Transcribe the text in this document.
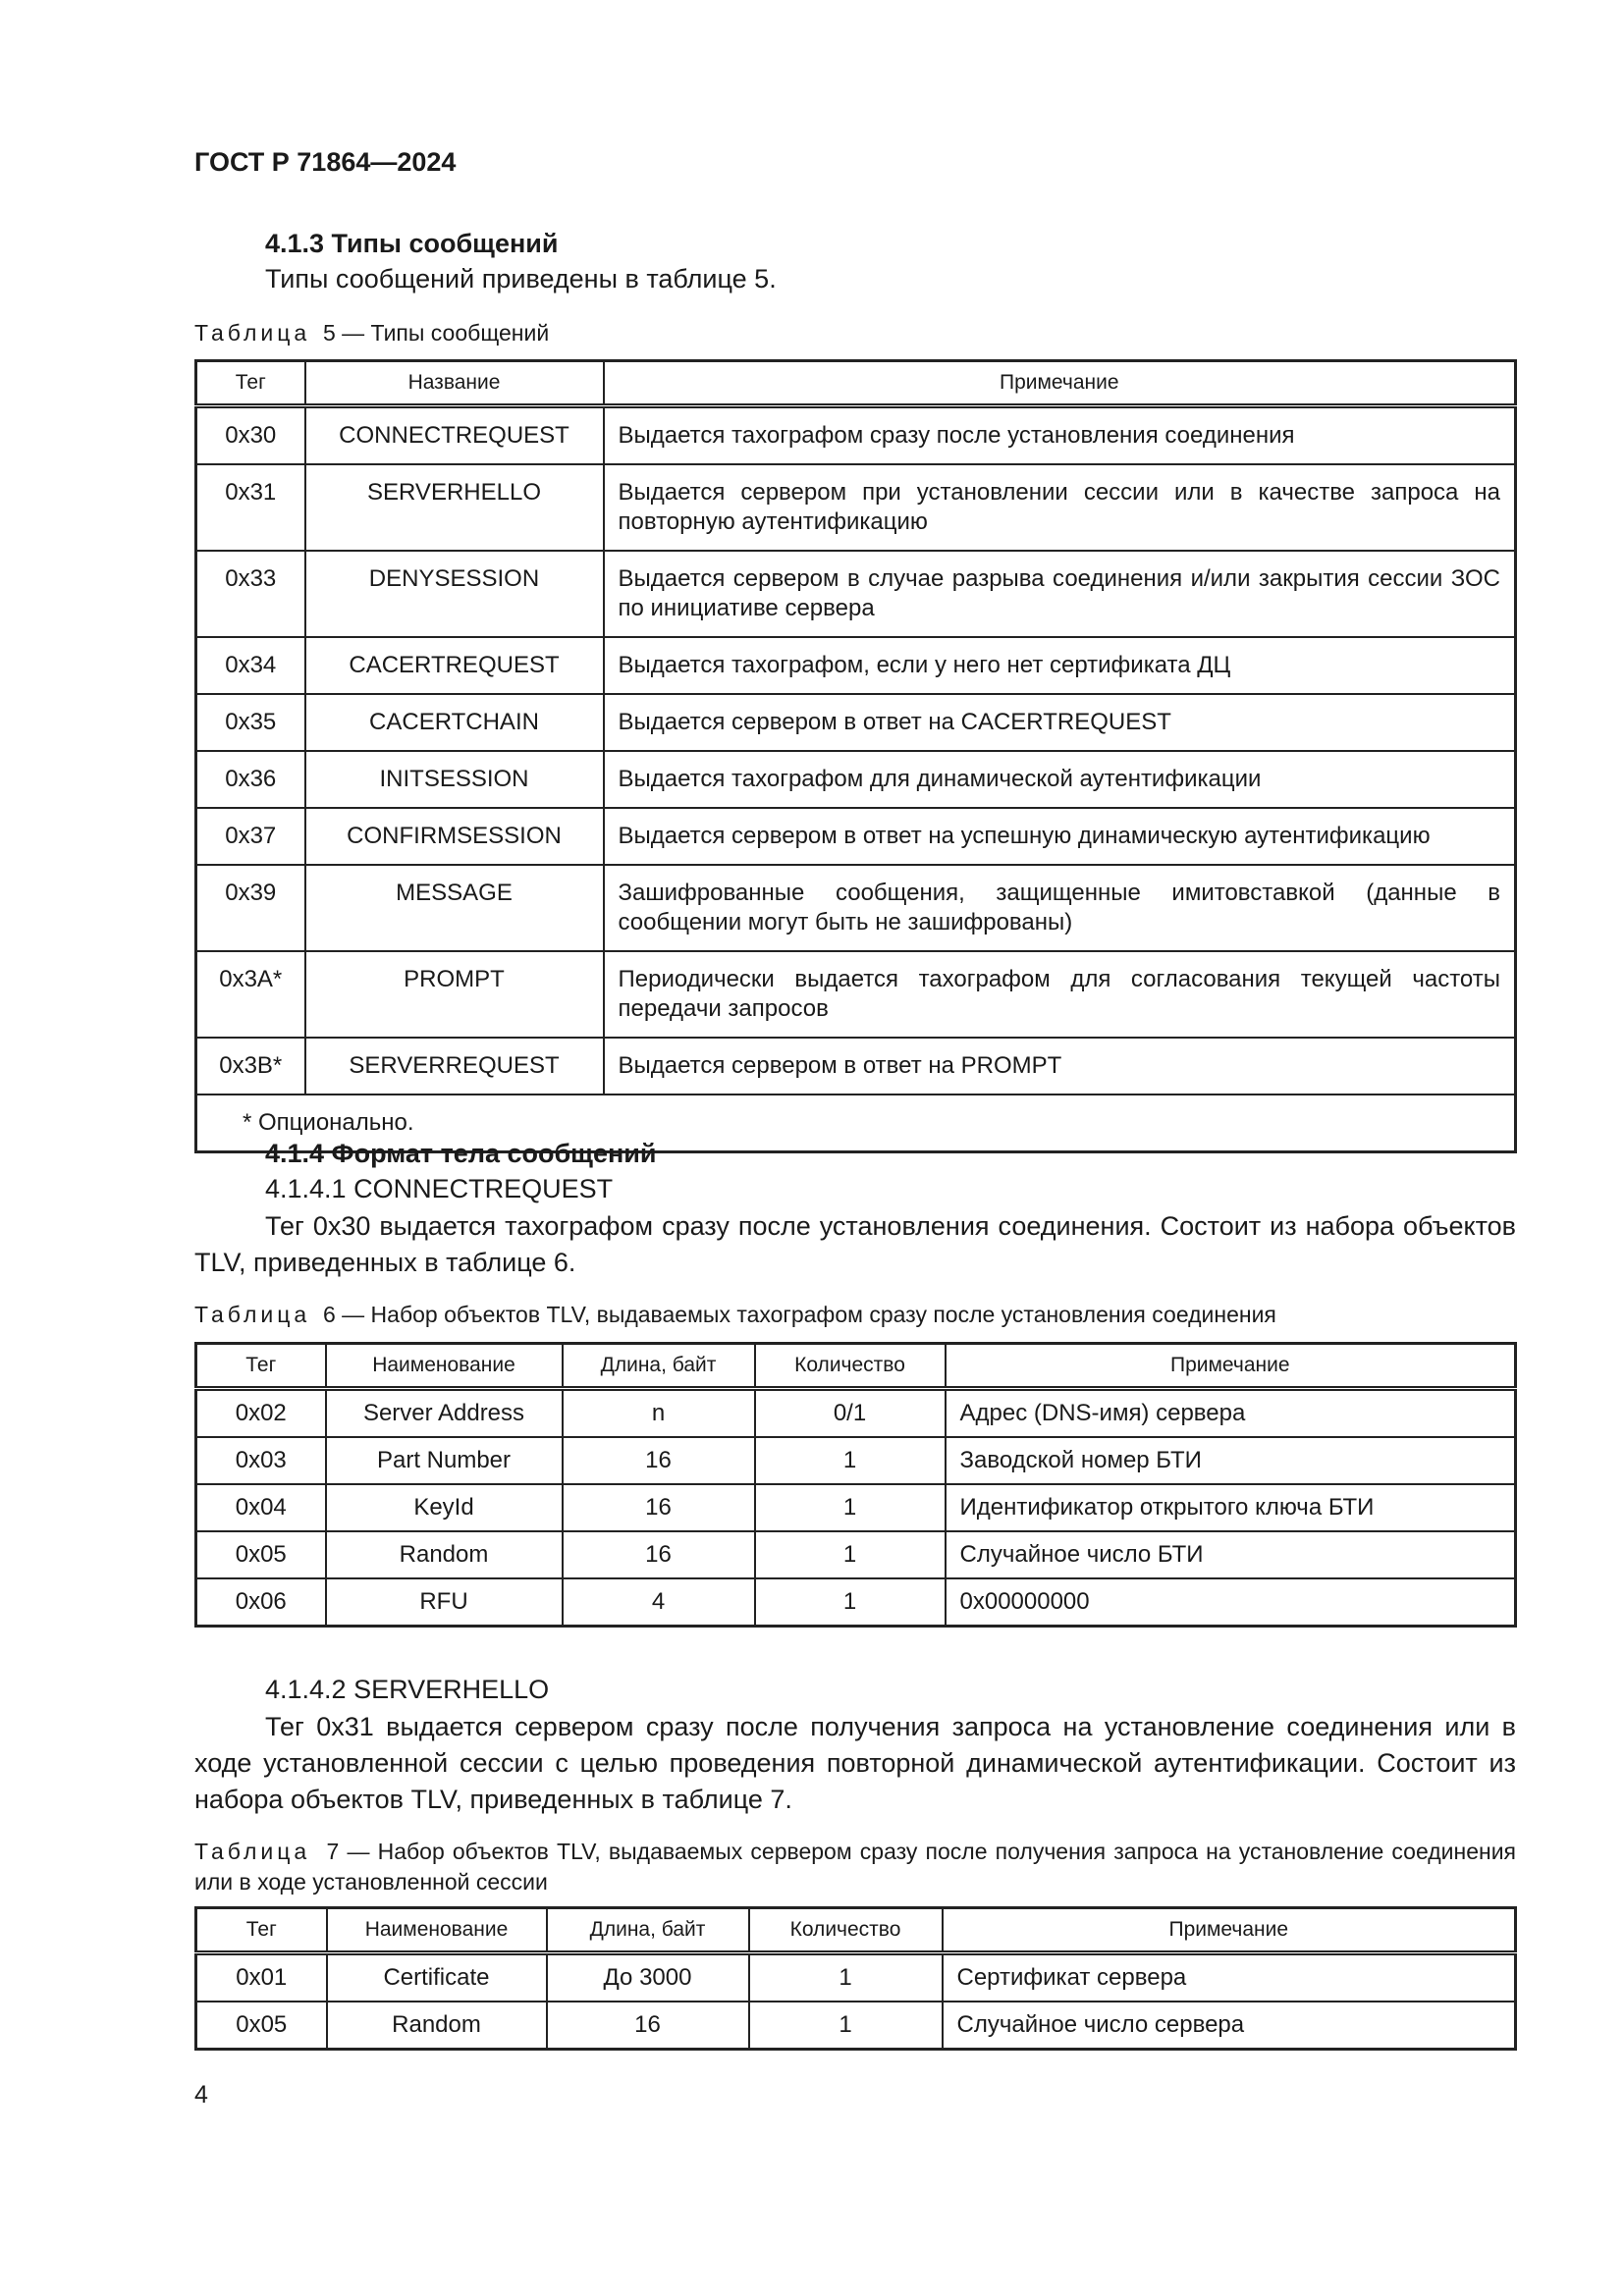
ГОСТ Р 71864—2024
4.1.3 Типы сообщений
Типы сообщений приведены в таблице 5.
Таблица 5 — Типы сообщений
Тег	Название	Примечание
0x30	CONNECTREQUEST	Выдается тахографом сразу после установления соединения
0x31	SERVERHELLO	Выдается сервером при установлении сессии или в качестве запроса на повторную аутентификацию
0x33	DENYSESSION	Выдается сервером в случае разрыва соединения и/или закрытия сессии ЗОС по инициативе сервера
0x34	CACERTREQUEST	Выдается тахографом, если у него нет сертификата ДЦ
0x35	CACERTCHAIN	Выдается сервером в ответ на CACERTREQUEST
0x36	INITSESSION	Выдается тахографом для динамической аутентификации
0x37	CONFIRMSESSION	Выдается сервером в ответ на успешную динамическую аутентификацию
0x39	MESSAGE	Зашифрованные сообщения, защищенные имитовставкой (данные в сообщении могут быть не зашифрованы)
0x3A*	PROMPT	Периодически выдается тахографом для согласования текущей частоты передачи запросов
0x3B*	SERVERREQUEST	Выдается сервером в ответ на PROMPT
* Опционально.		
4.1.4 Формат тела сообщений
4.1.4.1 CONNECTREQUEST
Тег 0x30 выдается тахографом сразу после установления соединения. Состоит из набора объектов TLV, приведенных в таблице 6.
Таблица 6 — Набор объектов TLV, выдаваемых тахографом сразу после установления соединения
Тег	Наименование	Длина, байт	Количество	Примечание
0x02	Server Address	n	0/1	Адрес (DNS-имя) сервера
0x03	Part Number	16	1	Заводской номер БТИ
0x04	KeyId	16	1	Идентификатор открытого ключа БТИ
0x05	Random	16	1	Случайное число БТИ
0x06	RFU	4	1	0x00000000
4.1.4.2 SERVERHELLO
Тег 0x31 выдается сервером сразу после получения запроса на установление соединения или в ходе установленной сессии с целью проведения повторной динамической аутентификации. Состоит из набора объектов TLV, приведенных в таблице 7.
Таблица 7 — Набор объектов TLV, выдаваемых сервером сразу после получения запроса на установление соединения или в ходе установленной сессии
Тег	Наименование	Длина, байт	Количество	Примечание
0x01	Certificate	До 3000	1	Сертификат сервера
0x05	Random	16	1	Случайное число сервера
4
